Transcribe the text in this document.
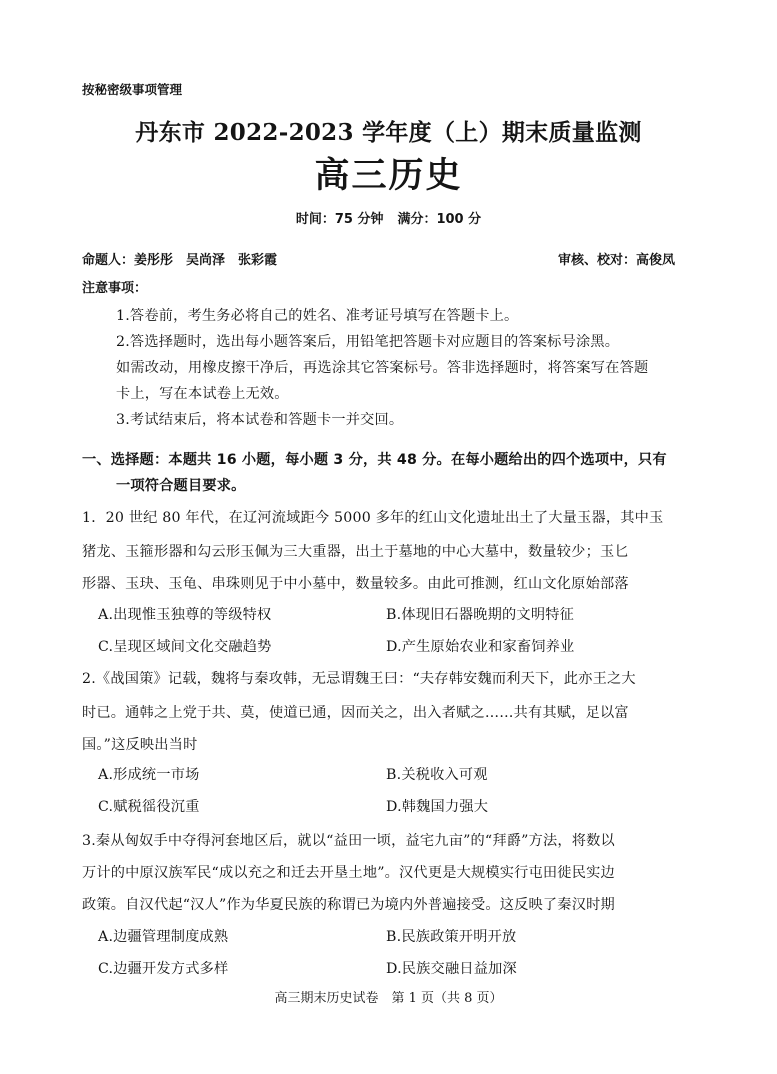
按秘密级事项管理
丹东市 2022-2023 学年度（上）期末质量监测
高三历史
时间：75 分钟 满分：100 分
命题人：姜彤彤　吴尚泽　张彩霞	审核、校对：高俊凤
注意事项：
1.答卷前，考生务必将自己的姓名、准考证号填写在答题卡上。
2.答选择题时，选出每小题答案后，用铅笔把答题卡对应题目的答案标号涂黑。
如需改动，用橡皮擦干净后，再选涂其它答案标号。答非选择题时，将答案写在答题
卡上，写在本试卷上无效。
3.考试结束后，将本试卷和答题卡一并交回。
一、选择题：本题共 16 小题，每小题 3 分，共 48 分。在每小题给出的四个选项中，只有
一项符合题目要求。
1．20 世纪 80 年代，在辽河流域距今 5000 多年的红山文化遗址出土了大量玉器，其中玉
猪龙、玉箍形器和勾云形玉佩为三大重器，出土于墓地的中心大墓中，数量较少；玉匕
形器、玉玦、玉龟、串珠则见于中小墓中，数量较多。由此可推测，红山文化原始部落
A.出现惟玉独尊的等级特权	B.体现旧石器晚期的文明特征
C.呈现区域间文化交融趋势	D.产生原始农业和家畜饲养业
2.《战国策》记载，魏将与秦攻韩，无忌谓魏王曰：“夫存韩安魏而利天下，此亦王之大
时已。通韩之上党于共、莫，使道已通，因而关之，出入者赋之……共有其赋，足以富
国。”这反映出当时
A.形成统一市场	B.关税收入可观
C.赋税徭役沉重	D.韩魏国力强大
3.秦从匈奴手中夺得河套地区后，就以“益田一顷，益宅九亩”的“拜爵”方法，将数以
万计的中原汉族军民“成以充之和迁去开垦土地”。汉代更是大规模实行屯田徙民实边
政策。自汉代起“汉人”作为华夏民族的称谓已为境内外普遍接受。这反映了秦汉时期
A.边疆管理制度成熟	B.民族政策开明开放
C.边疆开发方式多样	D.民族交融日益加深
高三期末历史试卷　第 1 页（共 8 页）
